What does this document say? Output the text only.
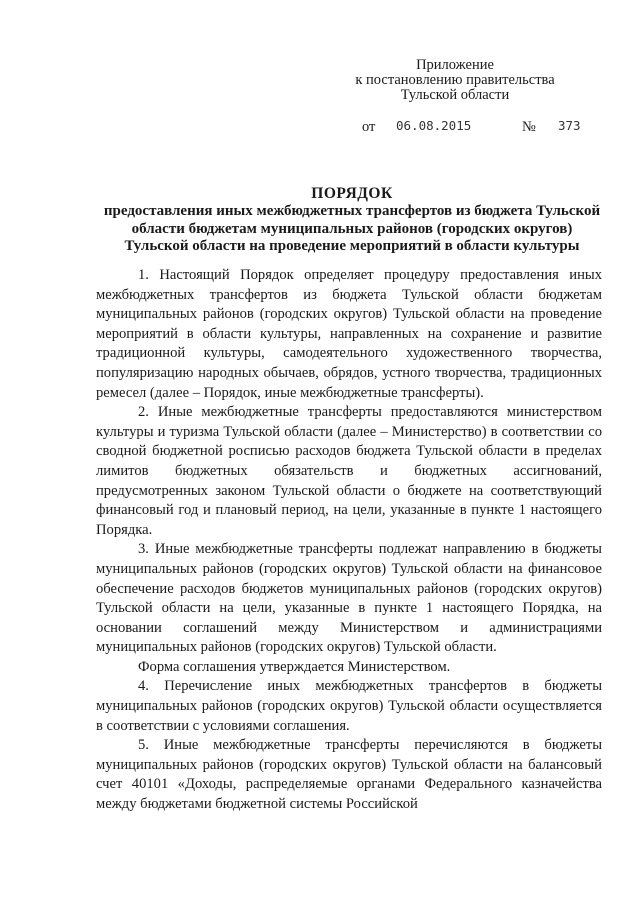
Приложение
к постановлению правительства
Тульской области
от 06.08.2015	№ 373
ПОРЯДОК
предоставления иных межбюджетных трансфертов из бюджета Тульской
области бюджетам муниципальных районов (городских округов)
Тульской области на проведение мероприятий в области культуры

1. Настоящий Порядок определяет процедуру предоставления иных межбюджетных трансфертов из бюджета Тульской области бюджетам муниципальных районов (городских округов) Тульской области на проведение мероприятий в области культуры, направленных на сохранение и развитие традиционной культуры, самодеятельного художественного творчества, популяризацию народных обычаев, обрядов, устного творчества, традиционных ремесел (далее – Порядок, иные межбюджетные трансферты).

2. Иные межбюджетные трансферты предоставляются министерством культуры и туризма Тульской области (далее – Министерство) в соответствии со сводной бюджетной росписью расходов бюджета Тульской области в пределах лимитов бюджетных обязательств и бюджетных ассигнований, предусмотренных законом Тульской области о бюджете на соответствующий финансовый год и плановый период, на цели, указанные в пункте 1 настоящего Порядка.

3. Иные межбюджетные трансферты подлежат направлению в бюджеты муниципальных районов (городских округов) Тульской области на финансовое обеспечение расходов бюджетов муниципальных районов (городских округов) Тульской области на цели, указанные в пункте 1 настоящего Порядка, на основании соглашений между Министерством и администрациями муниципальных районов (городских округов) Тульской области.

Форма соглашения утверждается Министерством.

4. Перечисление иных межбюджетных трансфертов в бюджеты муниципальных районов (городских округов) Тульской области осуществляется в соответствии с условиями соглашения.

5. Иные межбюджетные трансферты перечисляются в бюджеты муниципальных районов (городских округов) Тульской области на балансовый счет 40101 «Доходы, распределяемые органами Федерального казначейства между бюджетами бюджетной системы Российской
